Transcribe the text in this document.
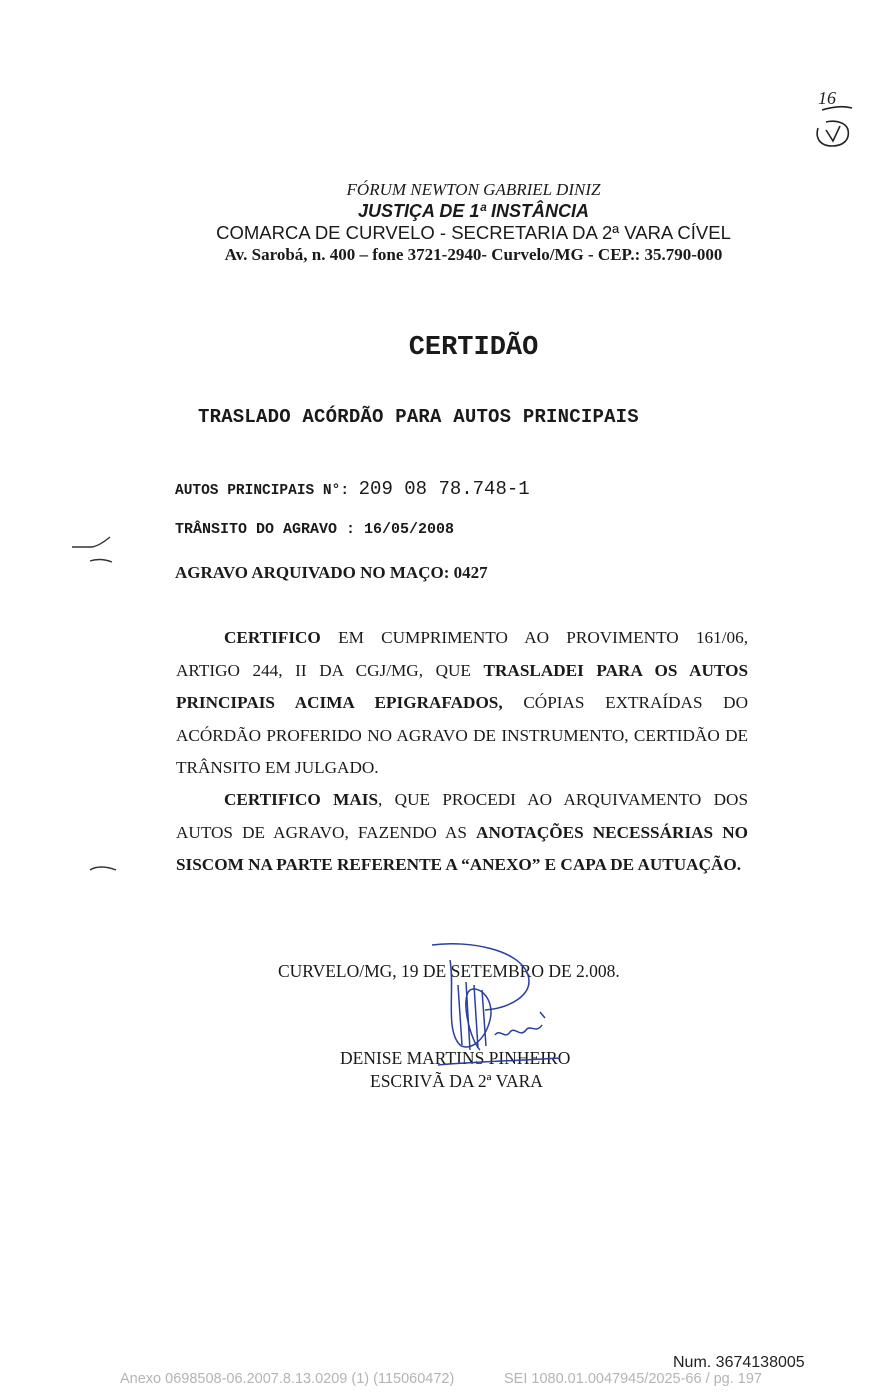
16
FÓRUM NEWTON GABRIEL DINIZ
JUSTIÇA DE 1ª INSTÂNCIA
COMARCA DE CURVELO - SECRETARIA DA 2ª VARA CÍVEL
Av. Sarobá, n. 400 – fone 3721-2940- Curvelo/MG - CEP.: 35.790-000
CERTIDÃO
TRASLADO ACÓRDÃO PARA AUTOS PRINCIPAIS
AUTOS PRINCIPAIS N°: 209 08 78.748-1
TRÂNSITO DO AGRAVO : 16/05/2008
AGRAVO ARQUIVADO NO MAÇO: 0427
CERTIFICO EM CUMPRIMENTO AO PROVIMENTO 161/06, ARTIGO 244, II DA CGJ/MG, QUE TRASLADEI PARA OS AUTOS PRINCIPAIS ACIMA EPIGRAFADOS, CÓPIAS EXTRAÍDAS DO ACÓRDÃO PROFERIDO NO AGRAVO DE INSTRUMENTO, CERTIDÃO DE TRÂNSITO EM JULGADO.
CERTIFICO MAIS, QUE PROCEDI AO ARQUIVAMENTO DOS AUTOS DE AGRAVO, FAZENDO AS ANOTAÇÕES NECESSÁRIAS NO SISCOM NA PARTE REFERENTE A “ANEXO” E CAPA DE AUTUAÇÃO.
CURVELO/MG, 19 DE SETEMBRO DE 2.008.
DENISE MARTINS PINHEIRO
ESCRIVÃ DA 2ª VARA
Num. 3674138005
Anexo 0698508-06.2007.8.13.0209 (1) (115060472)	SEI 1080.01.0047945/2025-66 / pg. 197
